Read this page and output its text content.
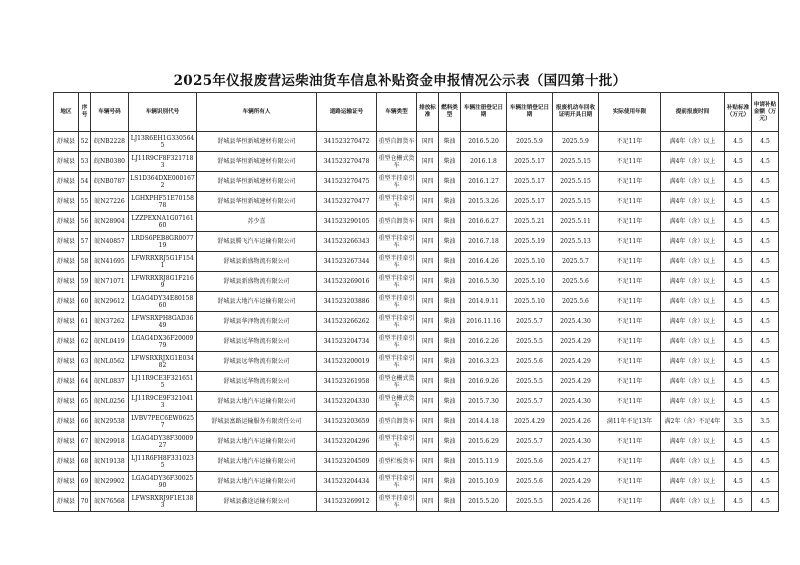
2025年仪报废营运柴油货车信息补贴资金申报情况公示表（国四第十批）
地区	序号	车辆号码	车辆识别代号	车辆所有人	道路运输证号	车辆类型	排放标准	燃料类型	车辆注册登记日期	车辆注销登记日期	报废机动车回收证明开具日期	实际使用年限	提前报废时间	补贴标准（万元）	申请补贴金额（万元）
舒城县	52	皖NB2228	LJ13R6EH1G3305645	舒城县华恒新城建材有限公司	341523270472	重型自卸货车	国四	柴油	2016.5.20	2025.5.9	2025.5.9	不足11年	满4年（含）以上	4.5	4.5
舒城县	53	皖NB0380	LJ11R9CF8F3217183	舒城县华恒新城建材有限公司	341523270478	重型仓栅式货车	国四	柴油	2016.1.8	2025.5.17	2025.5.15	不足11年	满4年（含）以上	4.5	4.5
舒城县	54	皖NB0787	LS1D364DXE0001672	舒城县华恒新城建材有限公司	341523270475	重型半挂牵引车	国四	柴油	2016.1.27	2025.5.17	2025.5.15	不足11年	满4年（含）以上	4.5	4.5
舒城县	55	皖N27226	LGHXPHF51E7015878	舒城县华恒新城建材有限公司	341523270477	重型半挂牵引车	国四	柴油	2015.3.26	2025.5.17	2025.5.15	不足11年	满4年（含）以上	4.5	4.5
舒城县	56	皖N28904	LZZPEXNA1G0716160	苏少喜	341523290105	重型自卸货车	国四	柴油	2016.6.27	2025.5.21	2025.5.11	不足11年	满4年（含）以上	4.5	4.5
舒城县	57	皖N40857	LRDS6PEB8GR007719	舒城县腾飞汽车运输有限公司	341523266343	重型半挂牵引车	国四	柴油	2016.7.18	2025.5.19	2025.5.13	不足11年	满4年（含）以上	4.5	4.5
舒城县	58	皖N41695	LFWRRXRJ5G1F1541	舒城县新盛物流有限公司	341523267344	重型半挂牵引车	国四	柴油	2016.4.26	2025.5.10	2025.5.7	不足11年	满4年（含）以上	4.5	4.5
舒城县	59	皖N71071	LFWRRXRJ8G1F2169	舒城县新盛物流有限公司	341523269016	重型半挂牵引车	国四	柴油	2016.5.30	2025.5.10	2025.5.6	不足11年	满4年（含）以上	4.5	4.5
舒城县	60	皖N29612	LGAG4DY34E8015860	舒城县大地汽车运输有限公司	341523203886	重型半挂牵引车	国四	柴油	2014.9.11	2025.5.10	2025.5.6	不足11年	满4年（含）以上	4.5	4.5
舒城县	61	皖N37262	LFWSRXPH8GAD3649	舒城县华泽物流有限公司	341523266262	重型半挂牵引车	国四	柴油	2016.11.16	2025.5.7	2025.4.30	不足11年	满4年（含）以上	4.5	4.5
舒城县	62	皖NL0419	LGAG4DX36F2000979	舒城县远华物流有限公司	341523204734	重型半挂牵引车	国四	柴油	2016.2.26	2025.5.5	2025.4.29	不足11年	满4年（含）以上	4.5	4.5
舒城县	63	皖NL0562	LFWSRXRJXG1E03482	舒城县远华物流有限公司	341523200019	重型半挂牵引车	国四	柴油	2016.3.23	2025.5.6	2025.4.29	不足11年	满4年（含）以上	4.5	4.5
舒城县	64	皖NL0837	LJ11R9CE3F3216515	舒城县远华物流有限公司	341523261958	重型仓栅式货车	国四	柴油	2016.9.26	2025.5.5	2025.4.29	不足11年	满4年（含）以上	4.5	4.5
舒城县	65	皖NL0256	LJ11R9CE9F3210413	舒城县大地汽车运输有限公司	341523204330	重型仓栅式货车	国四	柴油	2015.7.30	2025.5.7	2025.4.30	不足11年	满4年（含）以上	4.5	4.5
舒城县	66	皖N29538	LVBV7PEC6EW06257	舒城县富路运输服务有限责任公司	341523203659	重型自卸货车	国四	柴油	2014.4.18	2025.4.29	2025.4.26	满11年不足13年	满2年（含）不足4年	3.5	3.5
舒城县	67	皖N29918	LGAG4DY38F3000927	舒城县大地汽车运输有限公司	341523204296	重型半挂牵引车	国四	柴油	2015.6.29	2025.5.7	2025.4.30	不足11年	满4年（含）以上	4.5	4.5
舒城县	68	皖N19138	LJ11R6FH8F3310235	舒城县大地汽车运输有限公司	341523204509	重型栏板货车	国四	柴油	2015.11.9	2025.5.6	2025.4.27	不足11年	满4年（含）以上	4.5	4.5
舒城县	69	皖N29902	LGAG4DY36F3002590	舒城县大地汽车运输有限公司	341523204434	重型半挂牵引车	国四	柴油	2015.10.9	2025.5.6	2025.4.29	不足11年	满4年（含）以上	4.5	4.5
舒城县	70	皖N76568	LFWSRXRJ9F1E1383	舒城县鑫途运输有限公司	341523269912	重型半挂牵引车	国四	柴油	2015.5.20	2025.5.5	2025.4.26	不足11年	满4年（含）以上	4.5	4.5
